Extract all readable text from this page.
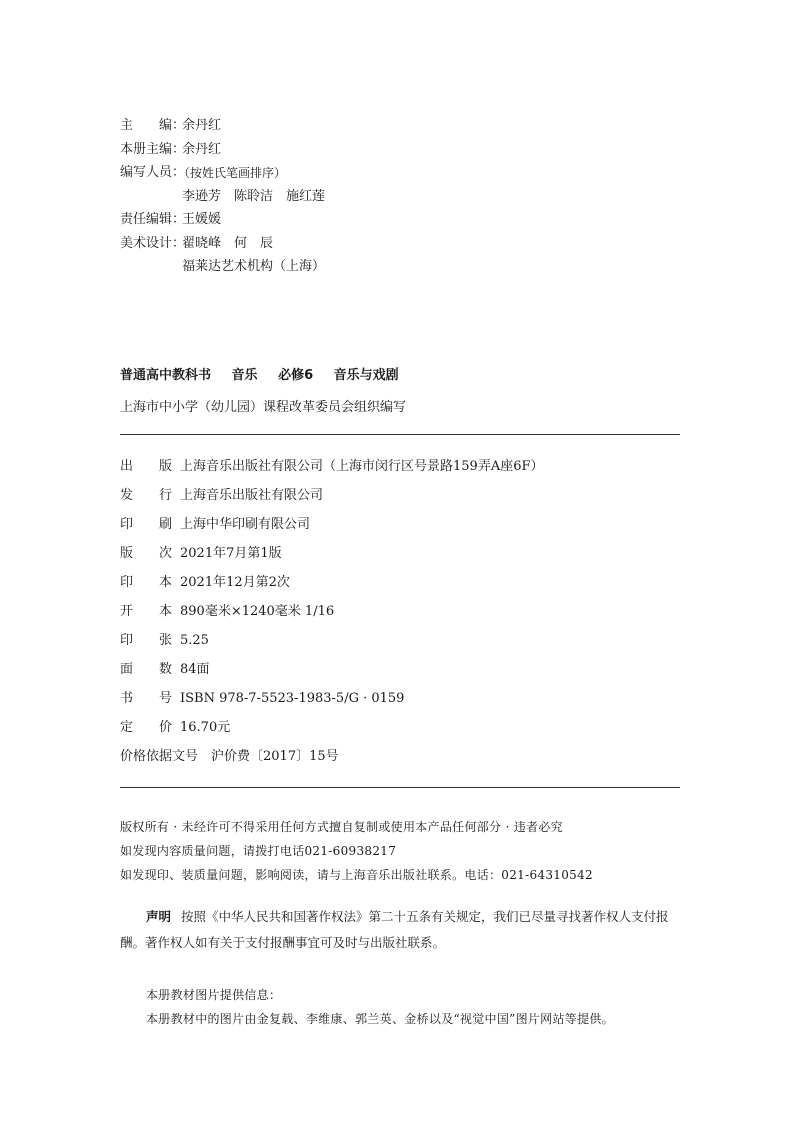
主　　编：
余丹红
本册主编：
余丹红
编写人员：
（按姓氏笔画排序）
李逊芳　陈聆洁　施红莲
责任编辑：
王媛媛
美术设计：
翟晓峰　何　辰
福莱达艺术机构（上海）
普通高中教科书 音乐 必修6 音乐与戏剧
上海市中小学（幼儿园）课程改革委员会组织编写
出　　版 上海音乐出版社有限公司（上海市闵行区号景路159弄A座6F）
发　　行 上海音乐出版社有限公司
印　　刷 上海中华印刷有限公司
版　　次 2021年7月第1版
印　　本 2021年12月第2次
开　　本 890毫米×1240毫米 1/16
印　　张 5.25
面　　数 84面
书　　号 ISBN 978-7-5523-1983-5/G · 0159
定　　价 16.70元
价格依据文号　沪价费〔2017〕15号
版权所有 · 未经许可不得采用任何方式擅自复制或使用本产品任何部分 · 违者必究
如发现内容质量问题，请拨打电话021-60938217
如发现印、装质量问题，影响阅读，请与上海音乐出版社联系。电话：021-64310542
声明 按照《中华人民共和国著作权法》第二十五条有关规定，我们已尽量寻找著作权人支付报酬。著作权人如有关于支付报酬事宜可及时与出版社联系。
本册教材图片提供信息：
本册教材中的图片由金复载、李维康、郭兰英、金桥以及“视觉中国”图片网站等提供。
